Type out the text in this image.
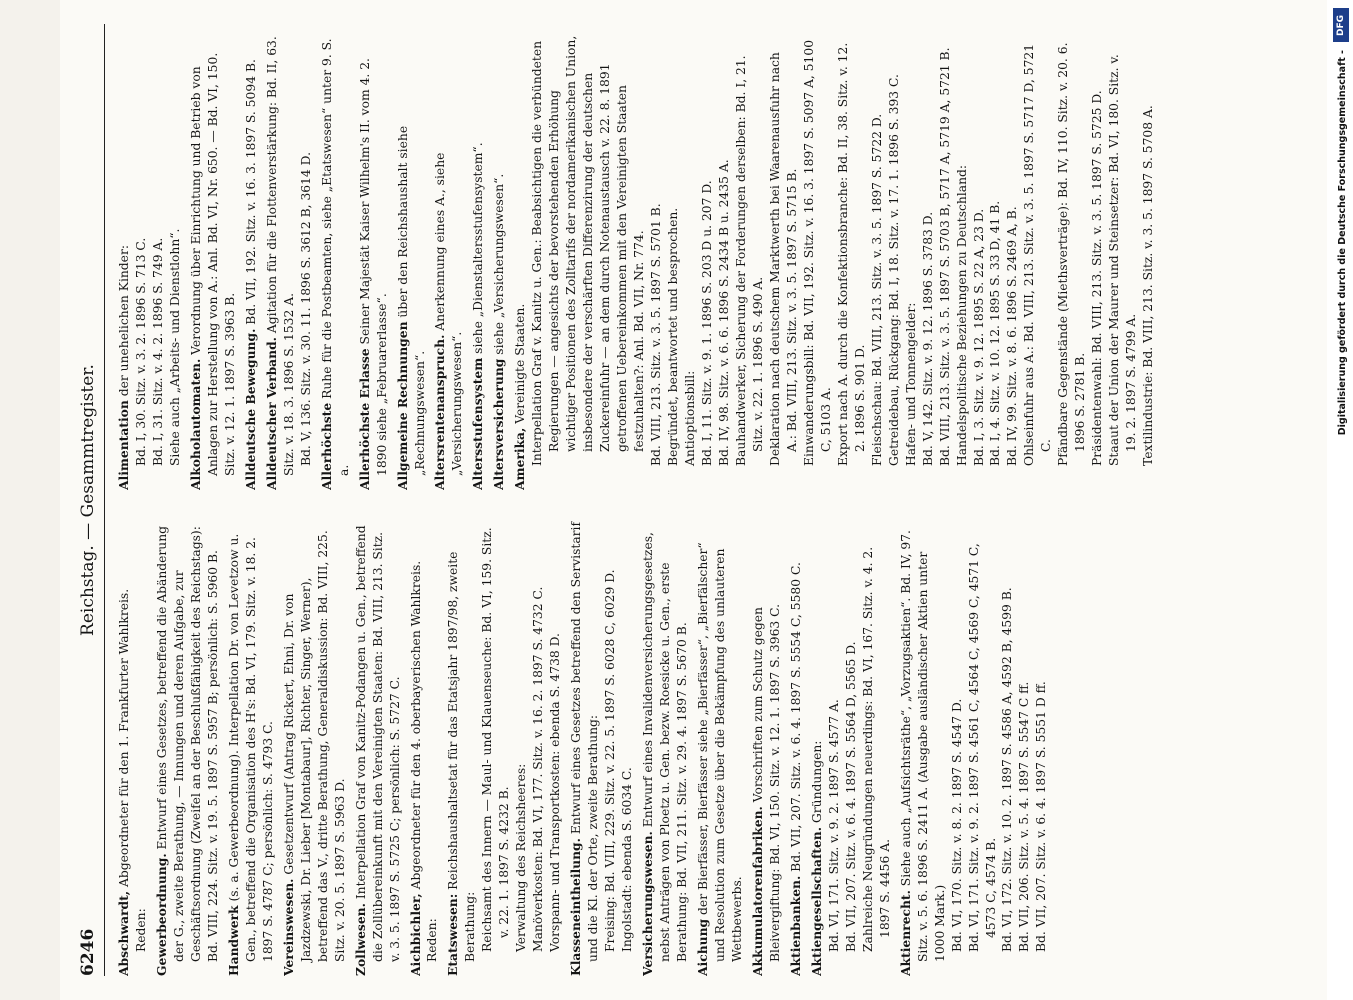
6246
Reichstag. — Gesammtregister.
Abschwardt, Abgeordneter für den 1. Frankfurter Wahlkreis.
Reden: Gewerbeordnung. Entwurf eines Gesetzes, betreffend die Abänderung der G., zweite Berathung, — Innungen und deren Aufgabe, zur Geschäftsordnung (Zweifel an der Beschlußfähigkeit des Reichstags): Bd. VIII, 224. Sitz. v. 19. 5. 1897 S. 5957 B; persönlich: S. 5960 B. Handwerk (s. a. Gewerbeordnung). Interpellation Dr. von Levetzow u. Gen., betreffend die Organisation des H's: Bd. VI, 179. Sitz. v. 18. 2. 1897 S. 4787 C; persönlich: S. 4793 C. Vereinswesen. Gesetzentwurf (Antrag Rickert, Ehni, Dr. von Jazdzewski, Dr. Lieber [Montabaur], Richter, Singer, Werner), betreffend das V., dritte Berathung, Generaldiskussion: Bd. VIII, 225. Sitz. v. 20. 5. 1897 S. 5963 D. Zollwesen. Interpellation Graf von Kanitz-Podangen u. Gen., betreffend die Zollübereinkunft mit den Vereinigten Staaten: Bd. VIII, 213. Sitz. v. 3. 5. 1897 S. 5725 C; persönlich: S. 5727 C. Aichbichler, Abgeordneter für den 4. oberbayerischen Wahlkreis. Reden: Etatswesen: Reichshaushaltsetat für das Etatsjahr 1897/98, zweite Berathung: Reichsamt des Innern — Maul- und Klauenseuche: Bd. VI, 159. Sitz. v. 22. 1. 1897 S. 4232 B. Verwaltung des Reichsheeres: Manöverkosten: Bd. VI, 177. Sitz. v. 16. 2. 1897 S. 4732 C. Vorspann- und Transportkosten: ebenda S. 4738 D. Klasseneintheilung. Entwurf eines Gesetzes betreffend den Servistarif und die Kl. der Orte, zweite Berathung: Freising: Bd. VIII, 229. Sitz. v. 22. 5. 1897 S. 6028 C, 6029 D. Ingolstadt: ebenda S. 6034 C. Versicherungswesen. Entwurf eines Invalidenversicherungsgesetzes, nebst Anträgen von Ploetz u. Gen. bezw. Roesicke u. Gen., erste Berathung: Bd. VII, 211. Sitz. v. 29. 4. 1897 S. 5670 B. Aichung der Bierfässer, Bierfässer siehe „Bierfässer“, „Bierfälscher“ und Resolution zum Gesetze über die Bekämpfung des unlauteren Wettbewerbs. Akkumulatorenfabriken. Vorschriften zum Schutz gegen Bleivergiftung: Bd. VI, 150. Sitz. v. 12. 1. 1897 S. 3963 C. Aktienbanken. Bd. VII, 207. Sitz. v. 6. 4. 1897 S. 5554 C, 5580 C.
Aktiengesellschaften. Gründungen: Bd. VI, 171. Sitz. v. 9. 2. 1897 S. 4577 A. Bd. VII, 207. Sitz. v. 6. 4. 1897 S. 5564 D, 5565 D. Zahlreiche Neugründungen neuerdings: Bd. VI, 167. Sitz. v. 4. 2. 1897 S. 4456 A. Aktienrecht. Siehe auch „Aufsichtsräthe“, „Vorzugsaktien“. Bd. IV, 97. Sitz. v. 5. 6. 1896 S. 2411 A. (Ausgabe ausländischer Aktien unter 1000 Mark.) Bd. VI, 170. Sitz. v. 8. 2. 1897 S. 4547 D. Bd. VI, 171. Sitz. v. 9. 2. 1897 S. 4561 C, 4564 C, 4569 C, 4571 C, 4573 C, 4574 B. Bd. VI, 172. Sitz. v. 10. 2. 1897 S. 4586 A, 4592 B, 4599 B. Bd. VII, 206. Sitz. v. 5. 4. 1897 S. 5547 C ff. Bd. VII, 207. Sitz. v. 6. 4. 1897 S. 5551 D ff.
Alimentation der unehelichen Kinder: Bd. I, 30. Sitz. v. 3. 2. 1896 S. 713 C. Bd. I, 31. Sitz. v. 4. 2. 1896 S. 749 A. Siehe auch „Arbeits- und Dienstlohn“. Alkoholautomaten. Verordnung über Einrichtung und Betrieb von Anlagen zur Herstellung von A.: Anl. Bd. VI, Nr. 650. — Bd. VI, 150. Sitz. v. 12. 1. 1897 S. 3963 B. Alldeutsche Bewegung. Bd. VII, 192. Sitz. v. 16. 3. 1897 S. 5094 B.
Alldeutscher Verband. Agitation für die Flottenverstärkung: Bd. II, 63. Sitz. v. 18. 3. 1896 S. 1532 A. Bd. V, 136. Sitz. v. 30. 11. 1896 S. 3612 B, 3614 D. Allerhöchste Ruhe für die Postbeamten, siehe „Etatswesen“ unter 9. S. a. Allerhöchste Erlasse Seiner Majestät Kaiser Wilhelm's II. vom 4. 2. 1890 siehe „Februarerlasse“. Allgemeine Rechnungen über den Reichshaushalt siehe „Rechnungswesen“. Altersrentenanspruch. Anerkennung eines A., siehe „Versicherungswesen“. Altersstufensystem siehe „Dienstaltersstufensystem“.
Altersversicherung siehe „Versicherungswesen“.
Amerika, Vereinigte Staaten. Interpellation Graf v. Kanitz u. Gen.: Beabsichtigen die verbündeten Regierungen — angesichts der bevorstehenden Erhöhung wichtiger Positionen des Zolltarifs der nordamerikanischen Union, insbesondere der verschärften Differenzirung der deutschen Zuckereinfuhr — an dem durch Notenaustausch v. 22. 8. 1891 getroffenen Uebereinkommen mit den Vereinigten Staaten festzuhalten?: Anl. Bd. VII, Nr. 774. Bd. VIII, 213. Sitz. v. 3. 5. 1897 S. 5701 B. Begründet, beantwortet und besprochen. Antioptionsbill: Bd. I, 11. Sitz. v. 9. 1. 1896 S. 203 D u. 207 D. Bd. IV, 98. Sitz. v. 6. 6. 1896 S. 2434 B u. 2435 A. Bauhandwerker, Sicherung der Forderungen derselben: Bd. I, 21. Sitz. v. 22. 1. 1896 S. 490 A. Deklaration nach deutschem Marktwerth bei Waarenausfuhr nach A.: Bd. VIII, 213. Sitz. v. 3. 5. 1897 S. 5715 B. Einwanderungsbill: Bd. VII, 192. Sitz. v. 16. 3. 1897 S. 5097 A, 5100 C, 5103 A. Export nach A. durch die Konfektionsbranche: Bd. II, 38. Sitz. v. 12. 2. 1896 S. 901 D. Fleischschau: Bd. VIII, 213. Sitz. v. 3. 5. 1897 S. 5722 D. Getreidebau, Rückgang: Bd. I, 18. Sitz. v. 17. 1. 1896 S. 393 C. Hafen- und Tonnengelder: Bd. V, 142. Sitz. v. 9. 12. 1896 S. 3783 D. Bd. VIII, 213. Sitz. v. 3. 5. 1897 S. 5703 B, 5717 A, 5719 A, 5721 B. Handelspolitische Beziehungen zu Deutschland: Bd. I, 3. Sitz. v. 9. 12. 1895 S. 22 A, 23 D. Bd. I, 4. Sitz. v. 10. 12. 1895 S. 33 D, 41 B. Bd. IV, 99. Sitz. v. 8. 6. 1896 S. 2469 A, B. Ohlseinfuhr aus A.: Bd. VIII, 213. Sitz. v. 3. 5. 1897 S. 5717 D, 5721 C. Pfändbare Gegenstände (Miethsverträge): Bd. IV, 110. Sitz. v. 20. 6. 1896 S. 2781 B. Präsidentenwahl: Bd. VIII, 213. Sitz. v. 3. 5. 1897 S. 5725 D. Staaut der Union der Maurer und Steinsetzer: Bd. VI, 180. Sitz. v. 19. 2. 1897 S. 4799 A. Textilindustrie: Bd. VIII, 213. Sitz. v. 3. 5. 1897 S. 5708 A.
DFG
Digitalisierung gefördert durch die Deutsche Forschungsgemeinschaft -
